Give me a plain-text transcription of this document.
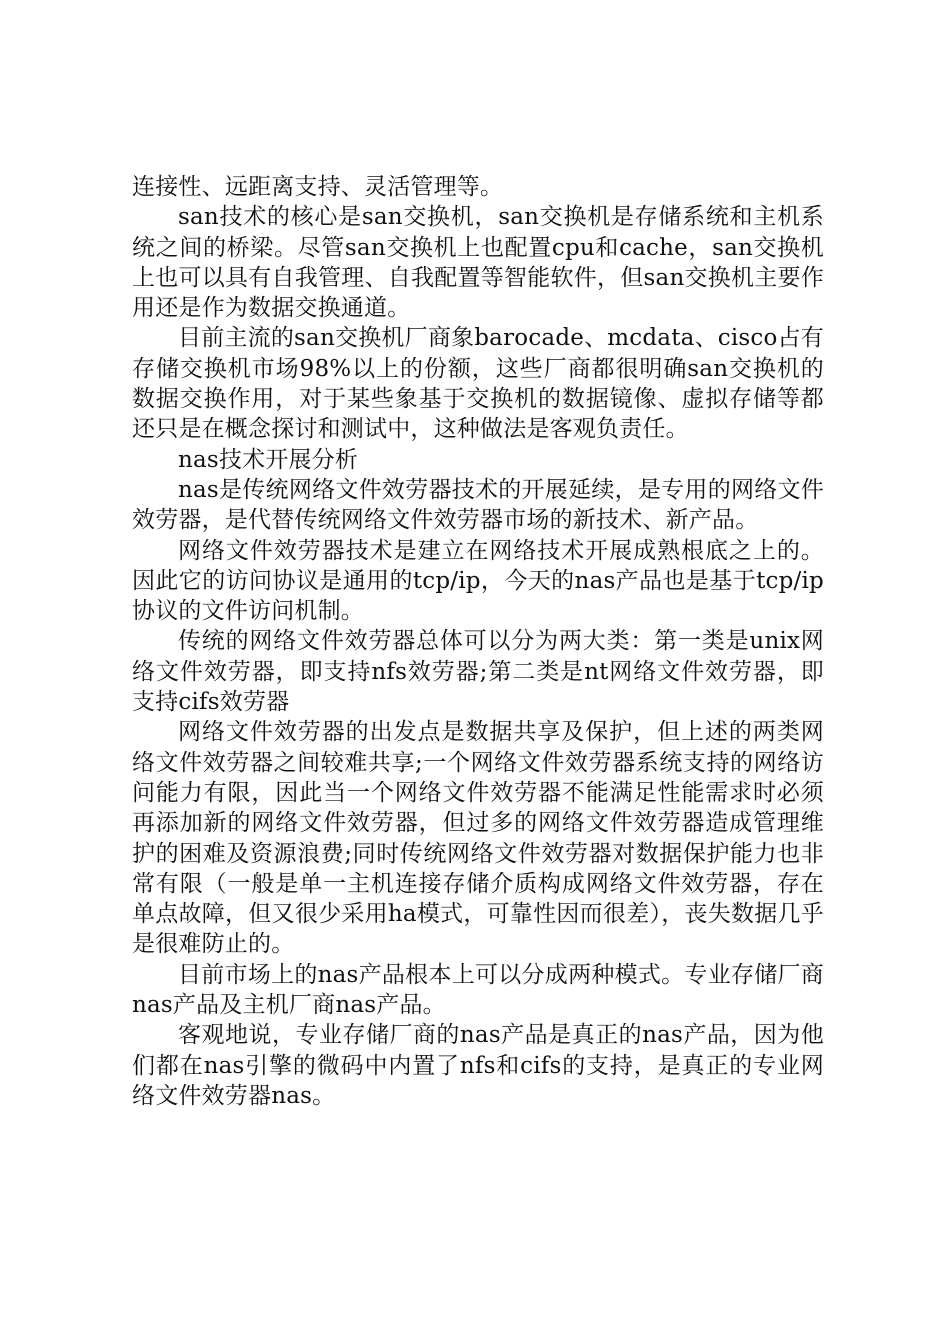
连接性、远距离支持、灵活管理等。

san技术的核心是san交换机，san交换机是存储系统和主机系统之间的桥梁。尽管san交换机上也配置cpu和cache，san交换机上也可以具有自我管理、自我配置等智能软件，但san交换机主要作用还是作为数据交换通道。

目前主流的san交换机厂商象barocade、mcdata、cisco占有存储交换机市场98%以上的份额，这些厂商都很明确san交换机的数据交换作用，对于某些象基于交换机的数据镜像、虚拟存储等都还只是在概念探讨和测试中，这种做法是客观负责任。

nas技术开展分析

nas是传统网络文件效劳器技术的开展延续，是专用的网络文件效劳器，是代替传统网络文件效劳器市场的新技术、新产品。

网络文件效劳器技术是建立在网络技术开展成熟根底之上的。因此它的访问协议是通用的tcp/ip，今天的nas产品也是基于tcp/ip协议的文件访问机制。

传统的网络文件效劳器总体可以分为两大类：第一类是unix网络文件效劳器，即支持nfs效劳器;第二类是nt网络文件效劳器，即支持cifs效劳器

网络文件效劳器的出发点是数据共享及保护，但上述的两类网络文件效劳器之间较难共享;一个网络文件效劳器系统支持的网络访问能力有限，因此当一个网络文件效劳器不能满足性能需求时必须再添加新的网络文件效劳器，但过多的网络文件效劳器造成管理维护的困难及资源浪费;同时传统网络文件效劳器对数据保护能力也非常有限（一般是单一主机连接存储介质构成网络文件效劳器，存在单点故障，但又很少采用ha模式，可靠性因而很差），丧失数据几乎是很难防止的。

目前市场上的nas产品根本上可以分成两种模式。专业存储厂商nas产品及主机厂商nas产品。

客观地说，专业存储厂商的nas产品是真正的nas产品，因为他们都在nas引擎的微码中内置了nfs和cifs的支持，是真正的专业网络文件效劳器nas。
